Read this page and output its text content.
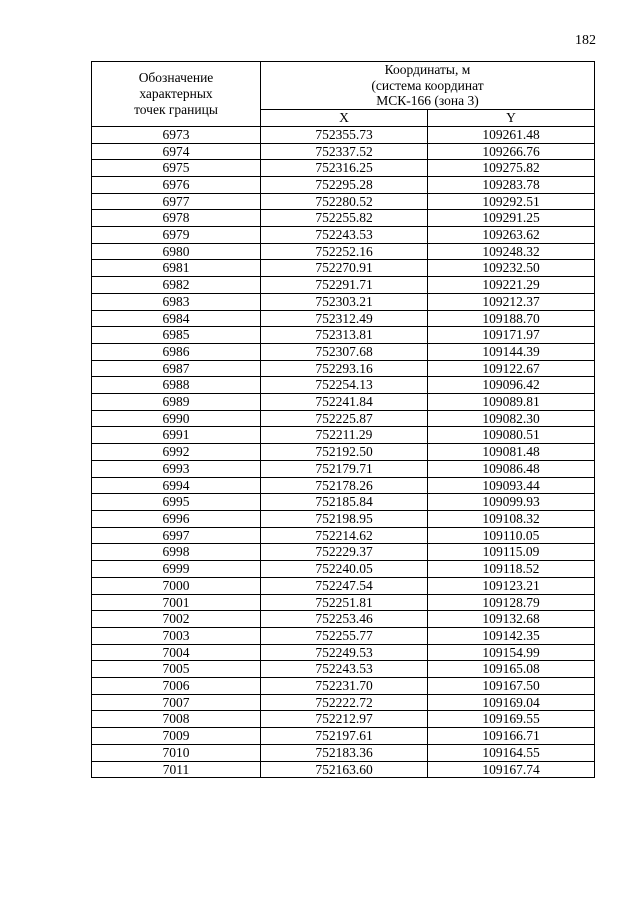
182
Обозначение
характерных
точек границы	Координаты, м
(система координат
МСК-166 (зона 3)	

	X	Y
6973	752355.73	109261.48
6974	752337.52	109266.76
6975	752316.25	109275.82
6976	752295.28	109283.78
6977	752280.52	109292.51
6978	752255.82	109291.25
6979	752243.53	109263.62
6980	752252.16	109248.32
6981	752270.91	109232.50
6982	752291.71	109221.29
6983	752303.21	109212.37
6984	752312.49	109188.70
6985	752313.81	109171.97
6986	752307.68	109144.39
6987	752293.16	109122.67
6988	752254.13	109096.42
6989	752241.84	109089.81
6990	752225.87	109082.30
6991	752211.29	109080.51
6992	752192.50	109081.48
6993	752179.71	109086.48
6994	752178.26	109093.44
6995	752185.84	109099.93
6996	752198.95	109108.32
6997	752214.62	109110.05
6998	752229.37	109115.09
6999	752240.05	109118.52
7000	752247.54	109123.21
7001	752251.81	109128.79
7002	752253.46	109132.68
7003	752255.77	109142.35
7004	752249.53	109154.99
7005	752243.53	109165.08
7006	752231.70	109167.50
7007	752222.72	109169.04
7008	752212.97	109169.55
7009	752197.61	109166.71
7010	752183.36	109164.55
7011	752163.60	109167.74
